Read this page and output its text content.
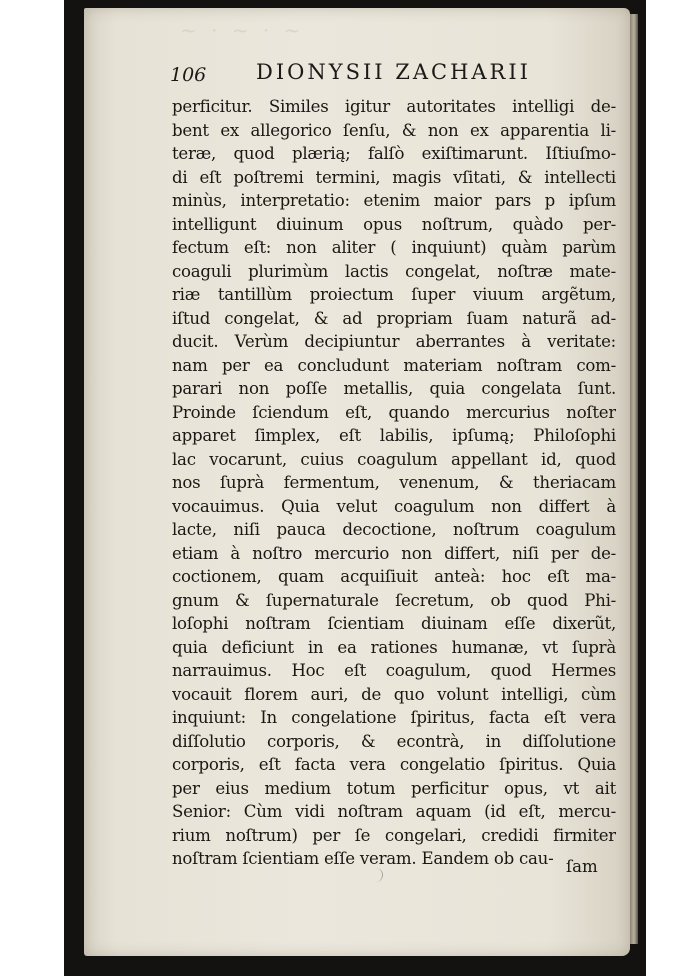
~ · ~ · ~
106 DIONYSII ZACHARII
perficitur. Similes igitur autoritates intelligi de-
bent ex allegorico ſenſu, & non ex apparentia li-
teræ, quod plærią; falſò exiſtimarunt. Iſtiuſmo-
di eſt poſtremi termini, magis vſitati, & intellecti
minùs, interpretatio: etenim maior pars p ipſum
intelligunt diuinum opus noſtrum, quàdo per-
fectum eſt: non aliter ( inquiunt) quàm parùm
coaguli plurimùm lactis congelat, noſtræ mate-
riæ tantillùm proiectum ſuper viuum argẽtum,
iſtud congelat, & ad propriam ſuam naturã ad-
ducit. Verùm decipiuntur aberrantes à veritate:
nam per ea concludunt materiam noſtram com-
parari non poſſe metallis, quia congelata ſunt.
Proinde ſciendum eſt, quando mercurius noſter
apparet ſimplex, eſt labilis, ipſumą; Philoſophi
lac vocarunt, cuius coagulum appellant id, quod
nos ſuprà fermentum, venenum, & theriacam
vocauimus. Quia velut coagulum non differt à
lacte, niſi pauca decoctione, noſtrum coagulum
etiam à noſtro mercurio non differt, niſi per de-
coctionem, quam acquiſiuit anteà: hoc eſt ma-
gnum & ſupernaturale ſecretum, ob quod Phi-
loſophi noſtram ſcientiam diuinam eſſe dixerũt,
quia deficiunt in ea rationes humanæ, vt ſuprà
narrauimus. Hoc eſt coagulum, quod Hermes
vocauit florem auri, de quo volunt intelligi, cùm
inquiunt: In congelatione ſpiritus, facta eſt vera
diſſolutio corporis, & econtrà, in diſſolutione
corporis, eſt facta vera congelatio ſpiritus. Quia
per eius medium totum perficitur opus, vt ait
Senior: Cùm vidi noſtram aquam (id eſt, mercu-
rium noſtrum) per ſe congelari, credidi firmiter
noſtram ſcientiam eſſe veram. Eandem ob cau- ſam
